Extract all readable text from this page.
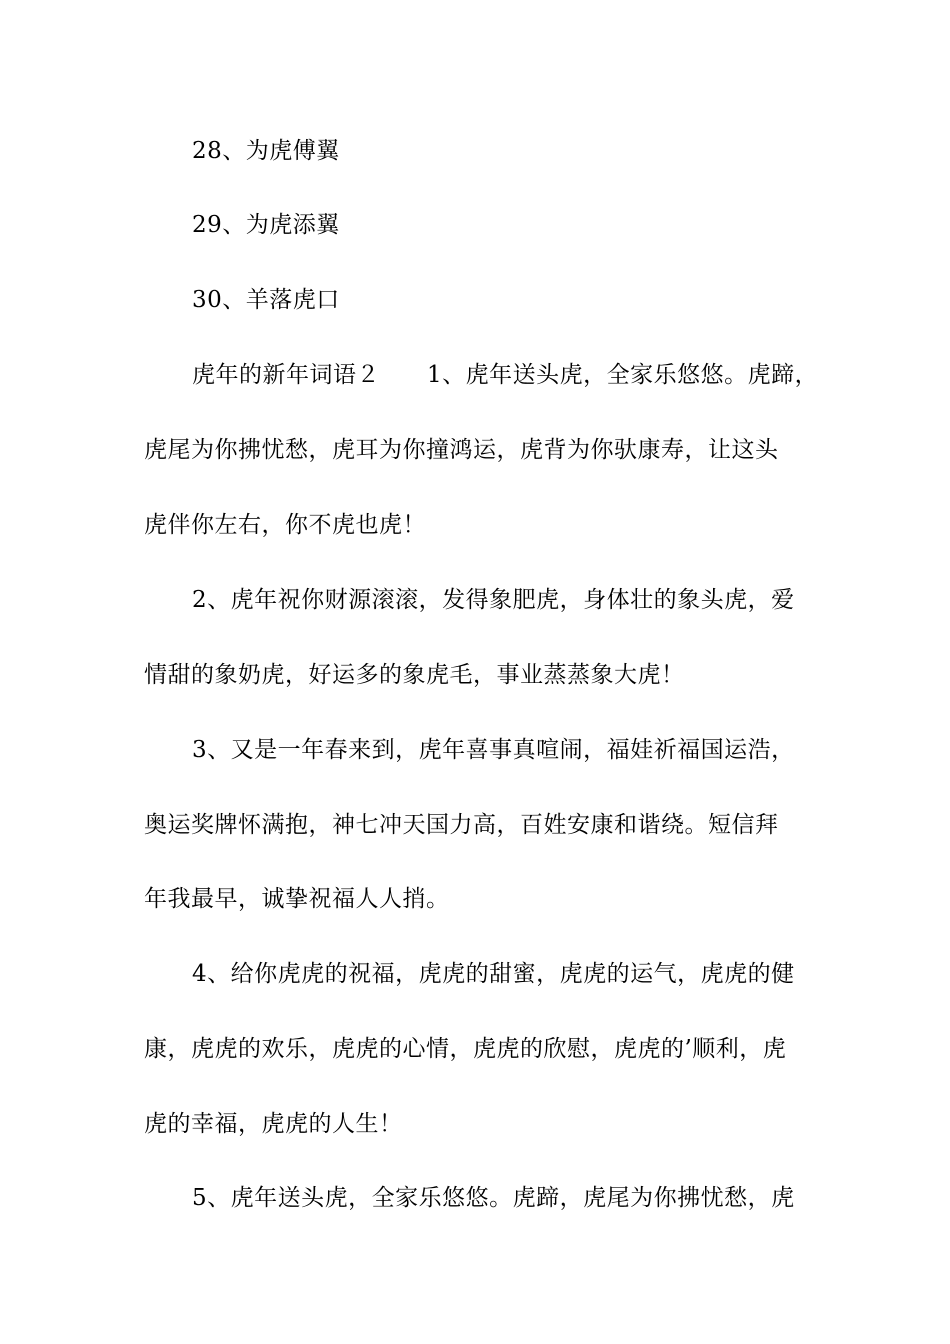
28、为虎傅翼
29、为虎添翼
30、羊落虎口
虎年的新年词语２　　1、虎年送头虎，全家乐悠悠。虎蹄，
虎尾为你拂忧愁，虎耳为你撞鸿运，虎背为你驮康寿，让这头
虎伴你左右，你不虎也虎！
2、虎年祝你财源滚滚，发得象肥虎，身体壮的象头虎，爱
情甜的象奶虎，好运多的象虎毛，事业蒸蒸象大虎！
3、又是一年春来到，虎年喜事真喧闹，福娃祈福国运浩，
奥运奖牌怀满抱，神七冲天国力高，百姓安康和谐绕。短信拜
年我最早，诚挚祝福人人捎。
4、给你虎虎的祝福，虎虎的甜蜜，虎虎的运气，虎虎的健
康，虎虎的欢乐，虎虎的心情，虎虎的欣慰，虎虎的’顺利，虎
虎的幸福，虎虎的人生！
5、虎年送头虎，全家乐悠悠。虎蹄，虎尾为你拂忧愁，虎
